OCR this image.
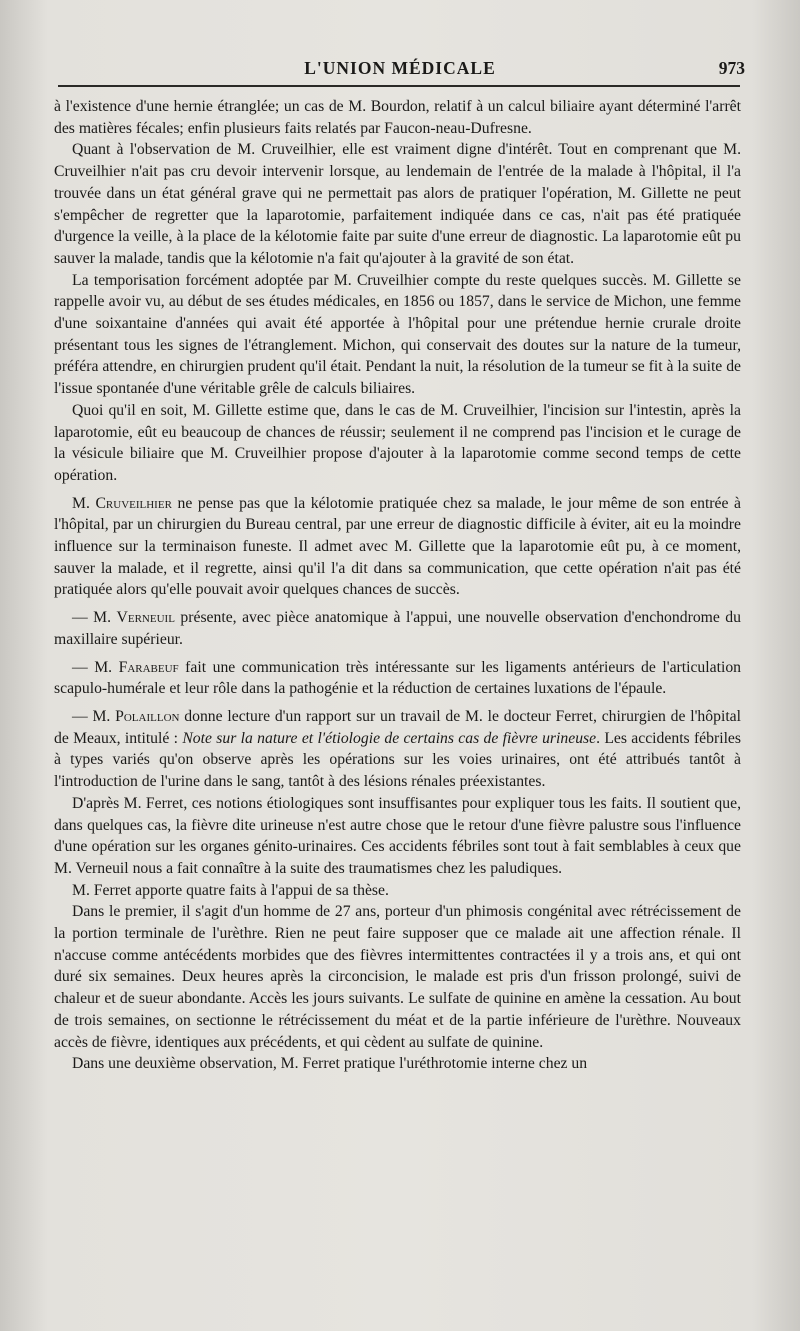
L'UNION MÉDICALE	973

à l'existence d'une hernie étranglée; un cas de M. Bourdon, relatif à un calcul biliaire ayant déterminé l'arrêt des matières fécales; enfin plusieurs faits relatés par Faucon-neau-Dufresne.

Quant à l'observation de M. Cruveilhier, elle est vraiment digne d'intérêt. Tout en comprenant que M. Cruveilhier n'ait pas cru devoir intervenir lorsque, au lendemain de l'entrée de la malade à l'hôpital, il l'a trouvée dans un état général grave qui ne permettait pas alors de pratiquer l'opération, M. Gillette ne peut s'empêcher de regretter que la laparotomie, parfaitement indiquée dans ce cas, n'ait pas été pratiquée d'urgence la veille, à la place de la kélotomie faite par suite d'une erreur de diagnostic. La laparotomie eût pu sauver la malade, tandis que la kélotomie n'a fait qu'ajouter à la gravité de son état.

La temporisation forcément adoptée par M. Cruveilhier compte du reste quelques succès. M. Gillette se rappelle avoir vu, au début de ses études médicales, en 1856 ou 1857, dans le service de Michon, une femme d'une soixantaine d'années qui avait été apportée à l'hôpital pour une prétendue hernie crurale droite présentant tous les signes de l'étranglement. Michon, qui conservait des doutes sur la nature de la tumeur, préféra attendre, en chirurgien prudent qu'il était. Pendant la nuit, la résolution de la tumeur se fit à la suite de l'issue spontanée d'une véritable grêle de calculs biliaires.

Quoi qu'il en soit, M. Gillette estime que, dans le cas de M. Cruveilhier, l'incision sur l'intestin, après la laparotomie, eût eu beaucoup de chances de réussir; seulement il ne comprend pas l'incision et le curage de la vésicule biliaire que M. Cruveilhier propose d'ajouter à la laparotomie comme second temps de cette opération.

M. Cruveilhier ne pense pas que la kélotomie pratiquée chez sa malade, le jour même de son entrée à l'hôpital, par un chirurgien du Bureau central, par une erreur de diagnostic difficile à éviter, ait eu la moindre influence sur la terminaison funeste. Il admet avec M. Gillette que la laparotomie eût pu, à ce moment, sauver la malade, et il regrette, ainsi qu'il l'a dit dans sa communication, que cette opération n'ait pas été pratiquée alors qu'elle pouvait avoir quelques chances de succès.

— M. Verneuil présente, avec pièce anatomique à l'appui, une nouvelle observation d'enchondrome du maxillaire supérieur.

— M. Farabeuf fait une communication très intéressante sur les ligaments antérieurs de l'articulation scapulo-humérale et leur rôle dans la pathogénie et la réduction de certaines luxations de l'épaule.

— M. Polaillon donne lecture d'un rapport sur un travail de M. le docteur Ferret, chirurgien de l'hôpital de Meaux, intitulé : Note sur la nature et l'étiologie de certains cas de fièvre urineuse. Les accidents fébriles à types variés qu'on observe après les opérations sur les voies urinaires, ont été attribués tantôt à l'introduction de l'urine dans le sang, tantôt à des lésions rénales préexistantes.

D'après M. Ferret, ces notions étiologiques sont insuffisantes pour expliquer tous les faits. Il soutient que, dans quelques cas, la fièvre dite urineuse n'est autre chose que le retour d'une fièvre palustre sous l'influence d'une opération sur les organes génito-urinaires. Ces accidents fébriles sont tout à fait semblables à ceux que M. Verneuil nous a fait connaître à la suite des traumatismes chez les paludiques.

M. Ferret apporte quatre faits à l'appui de sa thèse.

Dans le premier, il s'agit d'un homme de 27 ans, porteur d'un phimosis congénital avec rétrécissement de la portion terminale de l'urèthre. Rien ne peut faire supposer que ce malade ait une affection rénale. Il n'accuse comme antécédents morbides que des fièvres intermittentes contractées il y a trois ans, et qui ont duré six semaines. Deux heures après la circoncision, le malade est pris d'un frisson prolongé, suivi de chaleur et de sueur abondante. Accès les jours suivants. Le sulfate de quinine en amène la cessation. Au bout de trois semaines, on sectionne le rétrécissement du méat et de la partie inférieure de l'urèthre. Nouveaux accès de fièvre, identiques aux précédents, et qui cèdent au sulfate de quinine.

Dans une deuxième observation, M. Ferret pratique l'uréthrotomie interne chez un
